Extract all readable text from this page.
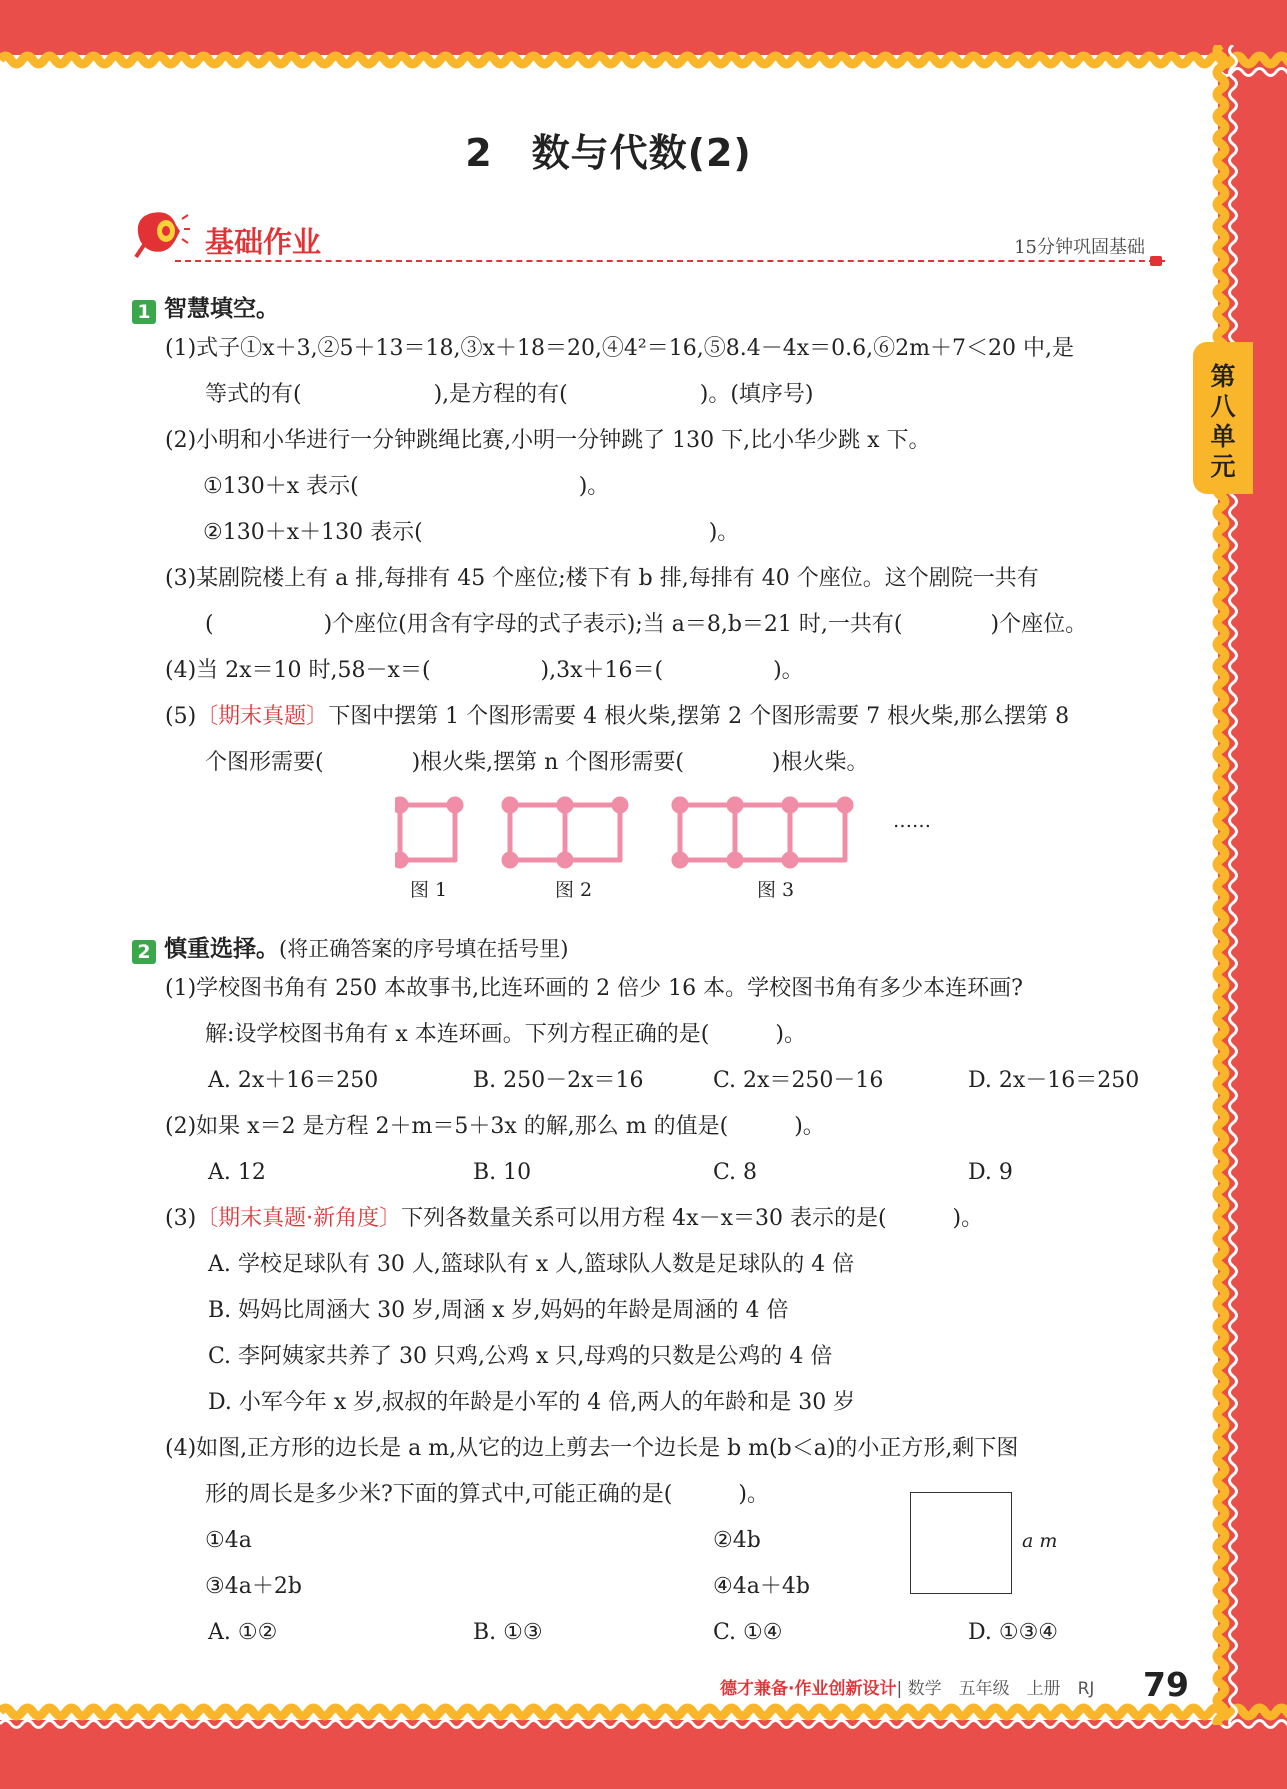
第八单元
2　数与代数(2)
基础作业	15分钟巩固基础
1 智慧填空。
(1)式子①x＋3,②5＋13＝18,③x＋18＝20,④4²＝16,⑤8.4－4x＝0.6,⑥2m＋7＜20 中,是
等式的有(　　　　　　),是方程的有(　　　　　　)。(填序号)
(2)小明和小华进行一分钟跳绳比赛,小明一分钟跳了 130 下,比小华少跳 x 下。
①130＋x 表示(　　　　　　　　　　)。
②130＋x＋130 表示(　　　　　　　　　　　　　)。
(3)某剧院楼上有 a 排,每排有 45 个座位;楼下有 b 排,每排有 40 个座位。这个剧院一共有
(　　　　　)个座位(用含有字母的式子表示);当 a＝8,b＝21 时,一共有(　　　　)个座位。
(4)当 2x＝10 时,58－x＝(　　　　　),3x＋16＝(　　　　　)。
(5)〔期末真题〕下图中摆第 1 个图形需要 4 根火柴,摆第 2 个图形需要 7 根火柴,那么摆第 8
个图形需要(　　　　)根火柴,摆第 n 个图形需要(　　　　)根火柴。
图 1	图 2	图 3
……
2 慎重选择。(将正确答案的序号填在括号里)
(1)学校图书角有 250 本故事书,比连环画的 2 倍少 16 本。学校图书角有多少本连环画?
解:设学校图书角有 x 本连环画。下列方程正确的是(　　　)。
A. 2x＋16＝250	B. 250－2x＝16	C. 2x＝250－16	D. 2x－16＝250
(2)如果 x＝2 是方程 2＋m＝5＋3x 的解,那么 m 的值是(　　　)。
A. 12	B. 10	C. 8	D. 9
(3)〔期末真题·新角度〕下列各数量关系可以用方程 4x－x＝30 表示的是(　　　)。
A. 学校足球队有 30 人,篮球队有 x 人,篮球队人数是足球队的 4 倍
B. 妈妈比周涵大 30 岁,周涵 x 岁,妈妈的年龄是周涵的 4 倍
C. 李阿姨家共养了 30 只鸡,公鸡 x 只,母鸡的只数是公鸡的 4 倍
D. 小军今年 x 岁,叔叔的年龄是小军的 4 倍,两人的年龄和是 30 岁
(4)如图,正方形的边长是 a m,从它的边上剪去一个边长是 b m(b＜a)的小正方形,剩下图
形的周长是多少米?下面的算式中,可能正确的是(　　　)。
①4a	②4b
③4a＋2b	④4a＋4b
A. ①②	B. ①③	C. ①④	D. ①③④
a m
德才兼备·作业创新设计| 数学　五年级　上册　RJ	79
